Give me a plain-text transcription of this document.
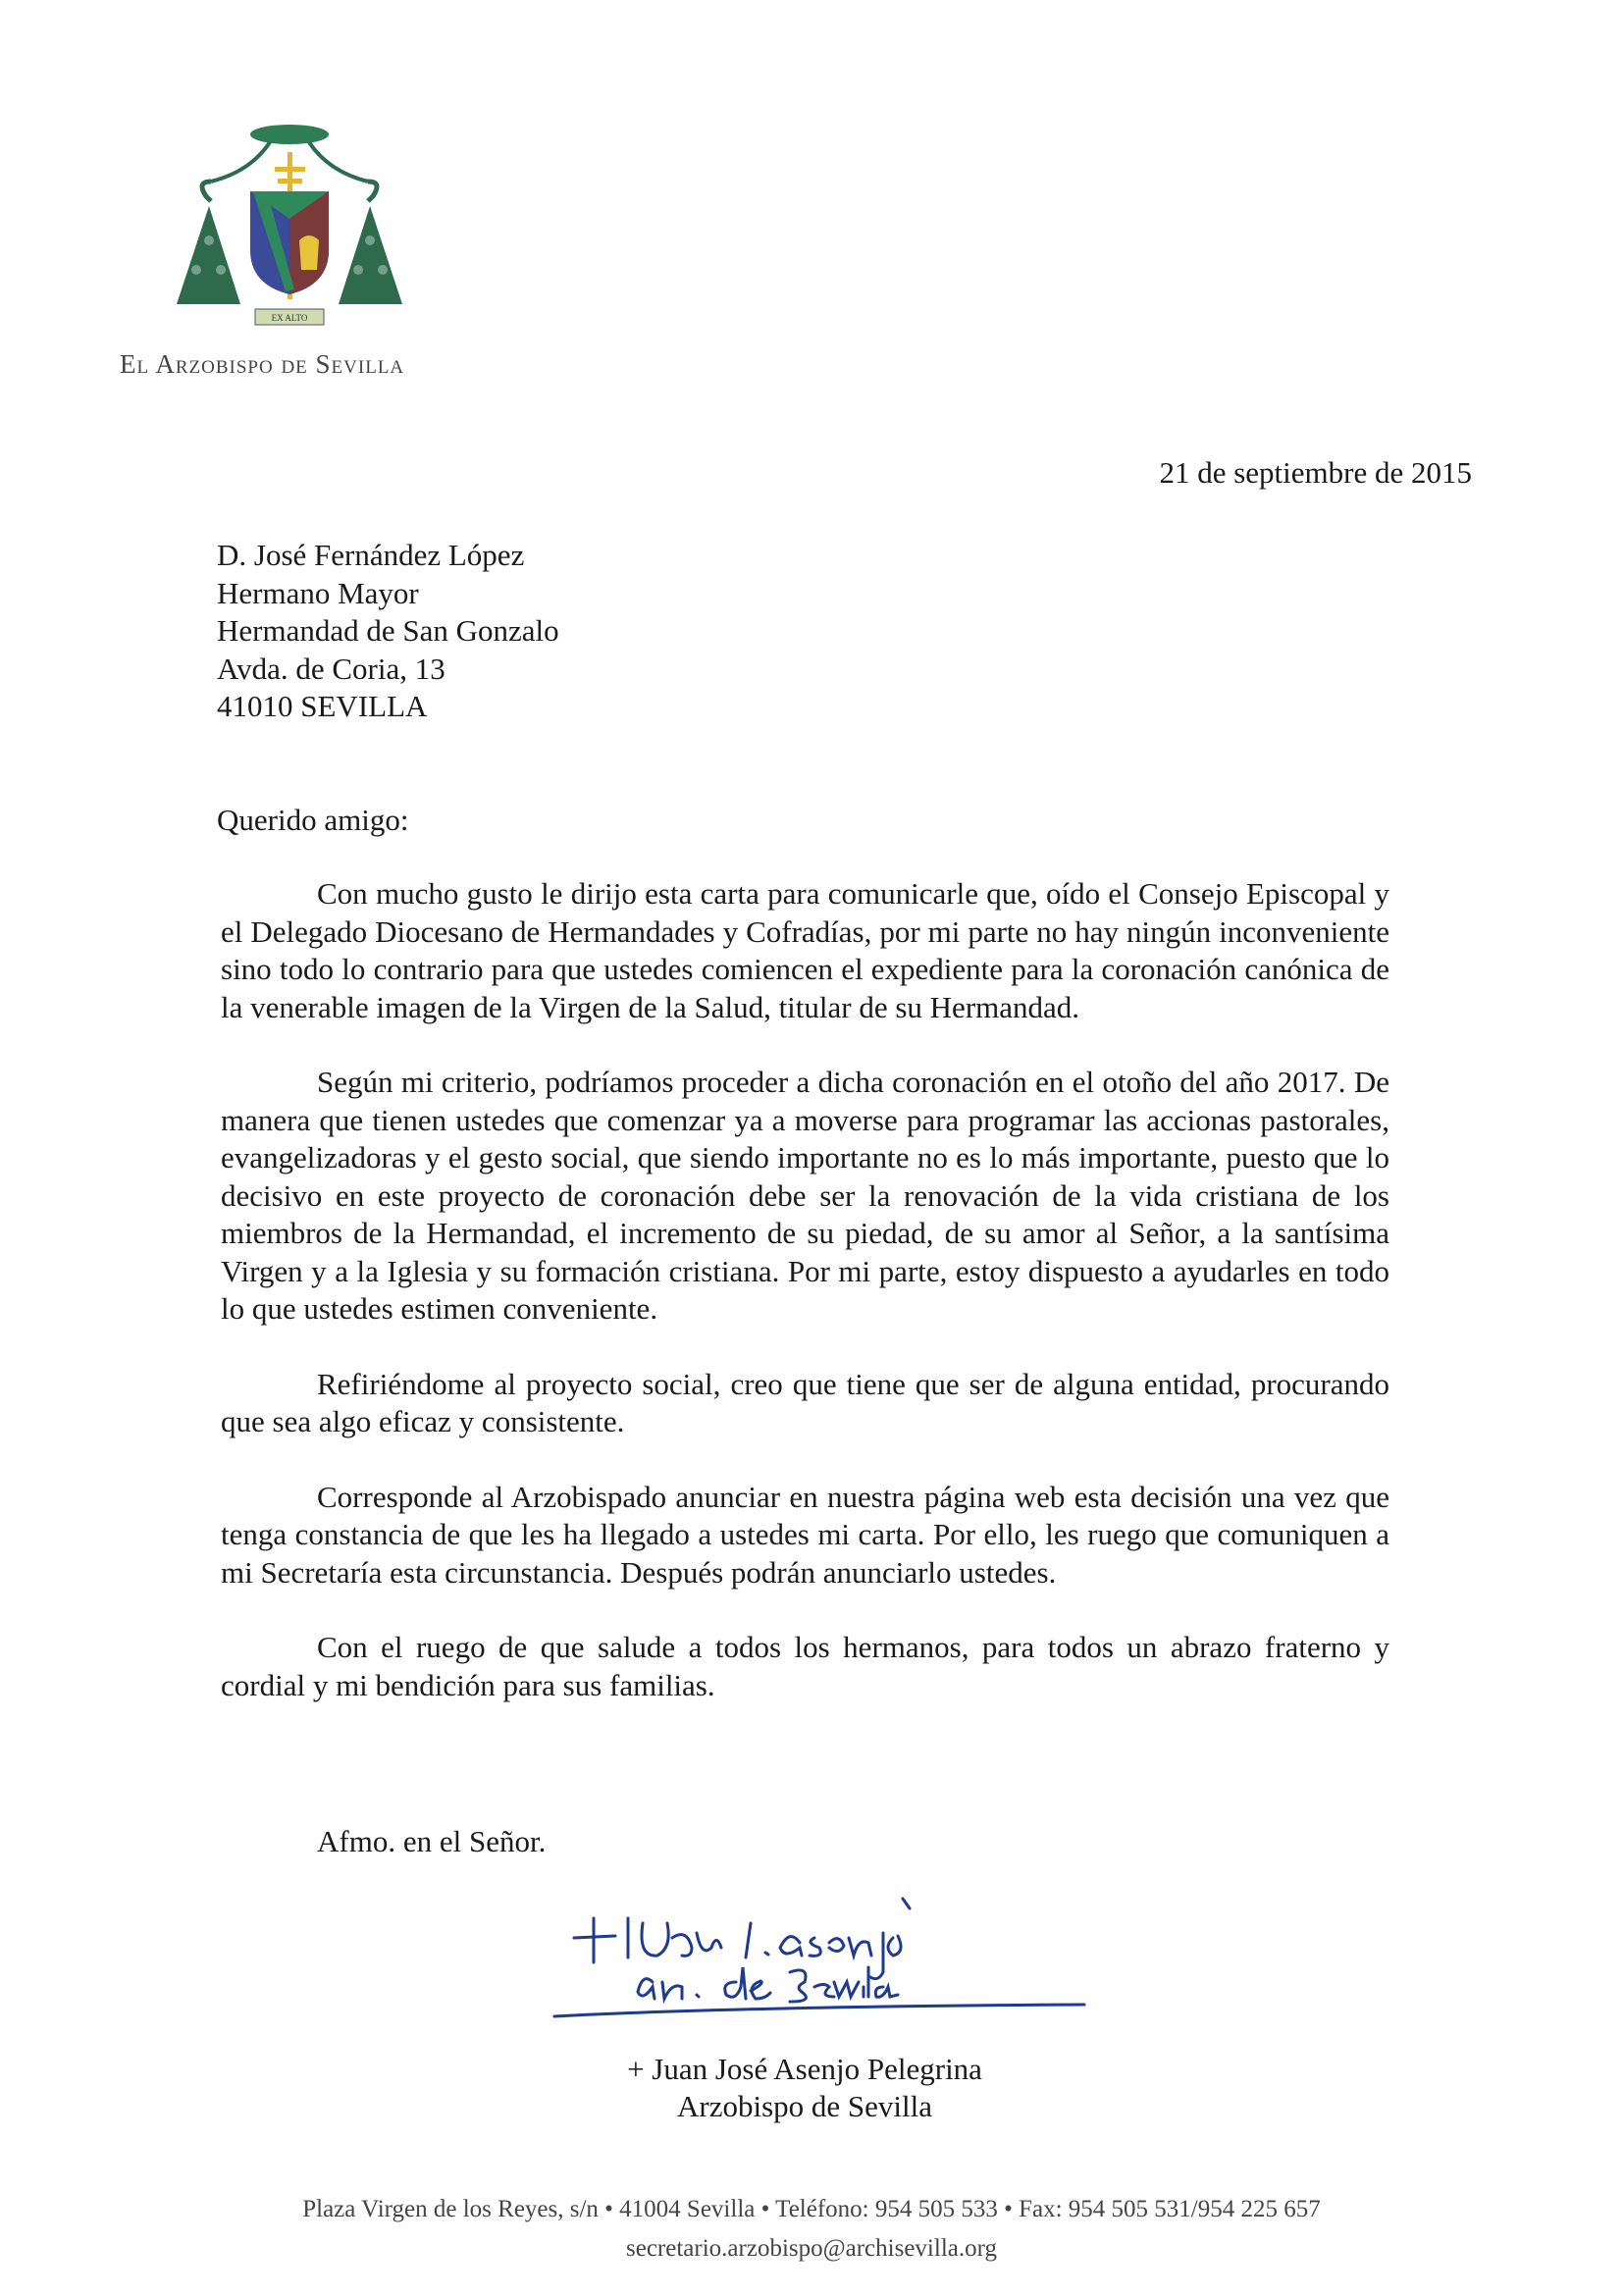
EX ALTO
El Arzobispo de Sevilla
21 de septiembre de 2015
D. José Fernández López
Hermano Mayor
Hermandad de San Gonzalo
Avda. de Coria, 13
41010 SEVILLA
Querido amigo:

Con mucho gusto le dirijo esta carta para comunicarle que, oído el Consejo Episcopal y el Delegado Diocesano de Hermandades y Cofradías, por mi parte no hay ningún inconveniente sino todo lo contrario para que ustedes comiencen el expediente para la coronación canónica de la venerable imagen de la Virgen de la Salud, titular de su Hermandad.

Según mi criterio, podríamos proceder a dicha coronación en el otoño del año 2017. De manera que tienen ustedes que comenzar ya a moverse para programar las accionas pastorales, evangelizadoras y el gesto social, que siendo importante no es lo más importante, puesto que lo decisivo en este proyecto de coronación debe ser la renovación de la vida cristiana de los miembros de la Hermandad, el incremento de su piedad, de su amor al Señor, a la santísima Virgen y a la Iglesia y su formación cristiana. Por mi parte, estoy dispuesto a ayudarles en todo lo que ustedes estimen conveniente.

Refiriéndome al proyecto social, creo que tiene que ser de alguna entidad, procurando que sea algo eficaz y consistente.

Corresponde al Arzobispado anunciar en nuestra página web esta decisión una vez que tenga constancia de que les ha llegado a ustedes mi carta. Por ello, les ruego que comuniquen a mi Secretaría esta circunstancia. Después podrán anunciarlo ustedes.

Con el ruego de que salude a todos los hermanos, para todos un abrazo fraterno y cordial y mi bendición para sus familias.

Afmo. en el Señor.
+ Juan José Asenjo Pelegrina
Arzobispo de Sevilla
Plaza Virgen de los Reyes, s/n • 41004 Sevilla • Teléfono: 954 505 533 • Fax: 954 505 531/954 225 657
secretario.arzobispo@archisevilla.org
